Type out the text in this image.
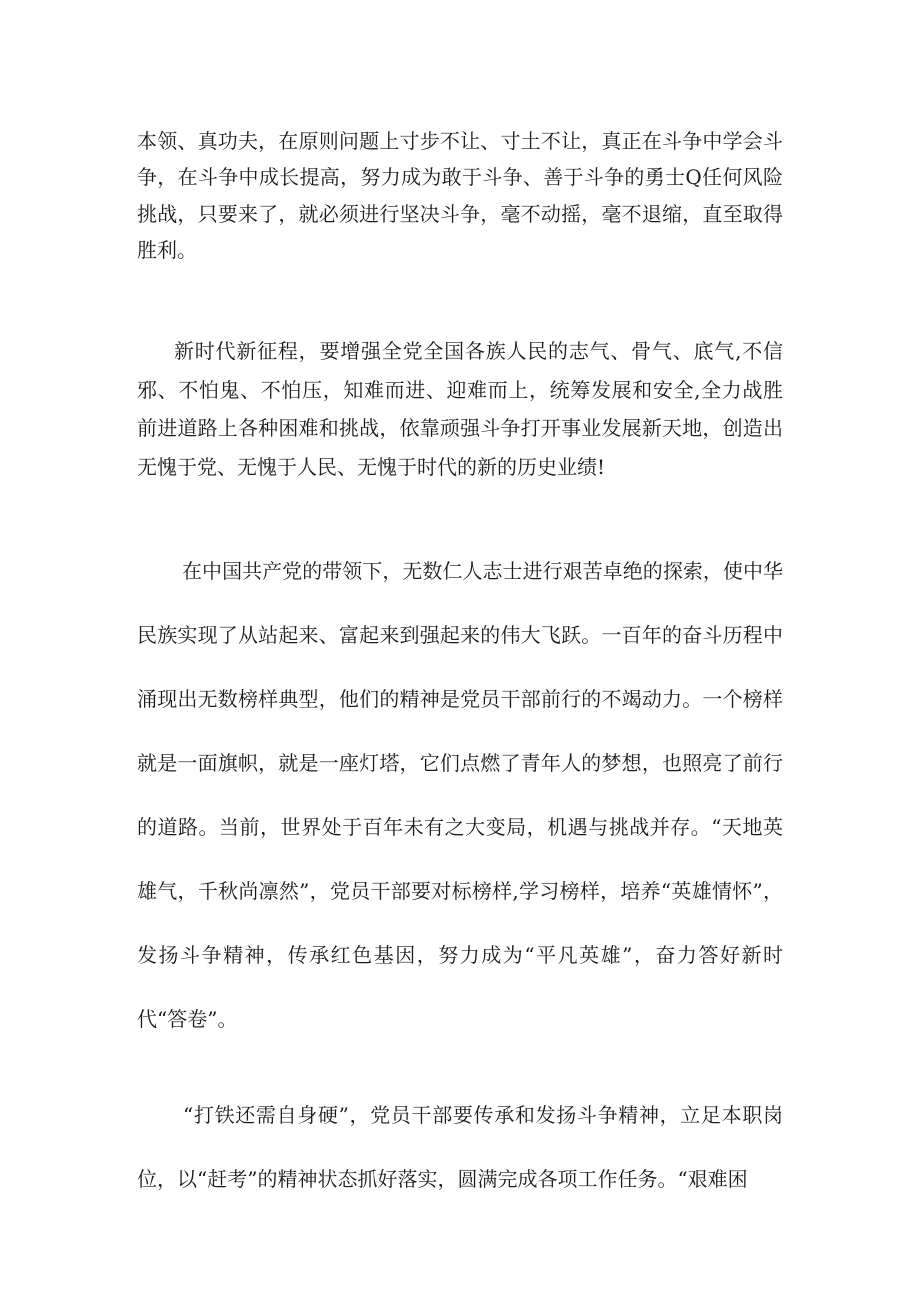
本领、真功夫，在原则问题上寸步不让、寸土不让，真正在斗争中学会斗争，在斗争中成长提高，努力成为敢于斗争、善于斗争的勇士Q任何风险挑战，只要来了，就必须进行坚决斗争，毫不动摇，毫不退缩，直至取得胜利。

新时代新征程，要增强全党全国各族人民的志气、骨气、底气,不信邪、不怕鬼、不怕压，知难而进、迎难而上，统筹发展和安全,全力战胜前进道路上各种困难和挑战，依靠顽强斗争打开事业发展新天地，创造出无愧于党、无愧于人民、无愧于时代的新的历史业绩!

在中国共产党的带领下，无数仁人志士进行艰苦卓绝的探索，使中华民族实现了从站起来、富起来到强起来的伟大飞跃。一百年的奋斗历程中涌现出无数榜样典型，他们的精神是党员干部前行的不竭动力。一个榜样就是一面旗帜，就是一座灯塔，它们点燃了青年人的梦想，也照亮了前行的道路。当前，世界处于百年未有之大变局，机遇与挑战并存。“天地英雄气，千秋尚凛然”，党员干部要对标榜样,学习榜样，培养“英雄情怀”，发扬斗争精神，传承红色基因，努力成为“平凡英雄”，奋力答好新时代“答卷”。

“打铁还需自身硬”，党员干部要传承和发扬斗争精神，立足本职岗位，以“赶考”的精神状态抓好落实，圆满完成各项工作任务。“艰难困
